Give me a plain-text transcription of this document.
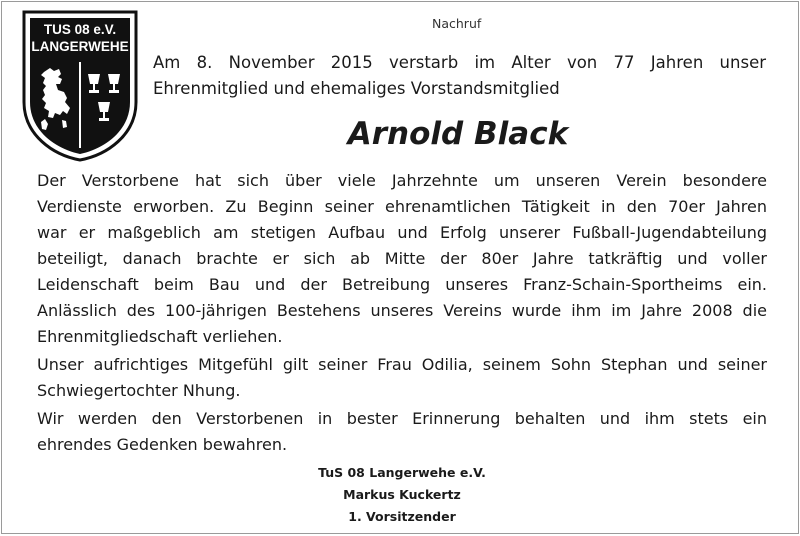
TUS 08 e.V.
LANGERWEHE
Nachruf
Am 8. November 2015 verstarb im Alter von 77 Jahren unser
Ehrenmitglied und ehemaliges Vorstandsmitglied
Arnold Black

Der Verstorbene hat sich über viele Jahrzehnte um unseren Verein besondere
Verdienste erworben. Zu Beginn seiner ehrenamtlichen Tätigkeit in den 70er Jahren
war er maßgeblich am stetigen Aufbau und Erfolg unserer Fußball-Jugendabteilung
beteiligt, danach brachte er sich ab Mitte der 80er Jahre tatkräftig und voller
Leidenschaft beim Bau und der Betreibung unseres Franz-Schain-Sportheims ein.
Anlässlich des 100-jährigen Bestehens unseres Vereins wurde ihm im Jahre 2008 die
Ehrenmitgliedschaft verliehen.

Unser aufrichtiges Mitgefühl gilt seiner Frau Odilia, seinem Sohn Stephan und seiner
Schwiegertochter Nhung.

Wir werden den Verstorbenen in bester Erinnerung behalten und ihm stets ein
ehrendes Gedenken bewahren.

TuS 08 Langerwehe e.V.
Markus Kuckertz
1. Vorsitzender
